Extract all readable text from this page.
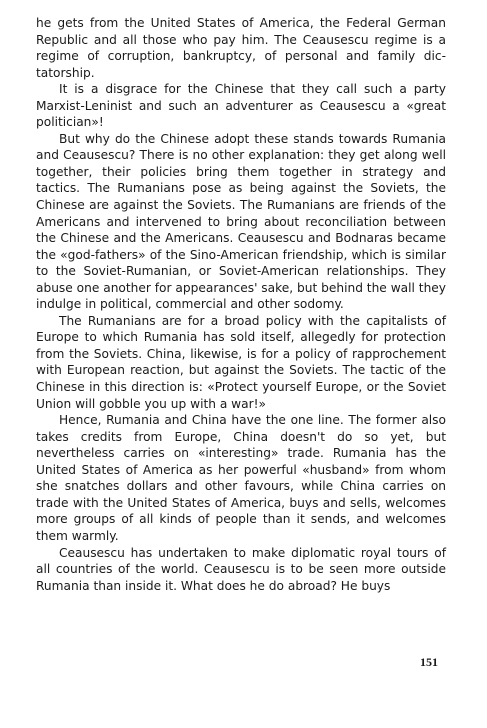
he gets from the United States of America, the Federal German Republic and all those who pay him. The Ceausescu regime is a regime of corruption, bankruptcy, of personal and family dictatorship.

It is a disgrace for the Chinese that they call such a party Marxist-Leninist and such an adventurer as Ceausescu a «great politician»!

But why do the Chinese adopt these stands towards Rumania and Ceausescu? There is no other explanation: they get along well together, their policies bring them together in strategy and tactics. The Rumanians pose as being against the Soviets, the Chinese are against the Soviets. The Rumanians are friends of the Americans and intervened to bring about reconciliation between the Chinese and the Americans. Ceausescu and Bodnaras became the «god-fathers» of the Sino-American friendship, which is similar to the Soviet-Rumanian, or Soviet-American relationships. They abuse one another for appearances' sake, but behind the wall they indulge in political, commercial and other sodomy.

The Rumanians are for a broad policy with the capitalists of Europe to which Rumania has sold itself, allegedly for protection from the Soviets. China, likewise, is for a policy of rapprochement with European reaction, but against the Soviets. The tactic of the Chinese in this direction is: «Protect yourself Europe, or the Soviet Union will gobble you up with a war!»

Hence, Rumania and China have the one line. The former also takes credits from Europe, China doesn't do so yet, but nevertheless carries on «interesting» trade. Rumania has the United States of America as her powerful «husband» from whom she snatches dollars and other favours, while China carries on trade with the United States of America, buys and sells, welcomes more groups of all kinds of people than it sends, and welcomes them warmly.

Ceausescu has undertaken to make diplomatic royal tours of all countries of the world. Ceausescu is to be seen more outside Rumania than inside it. What does he do abroad? He buys

151
